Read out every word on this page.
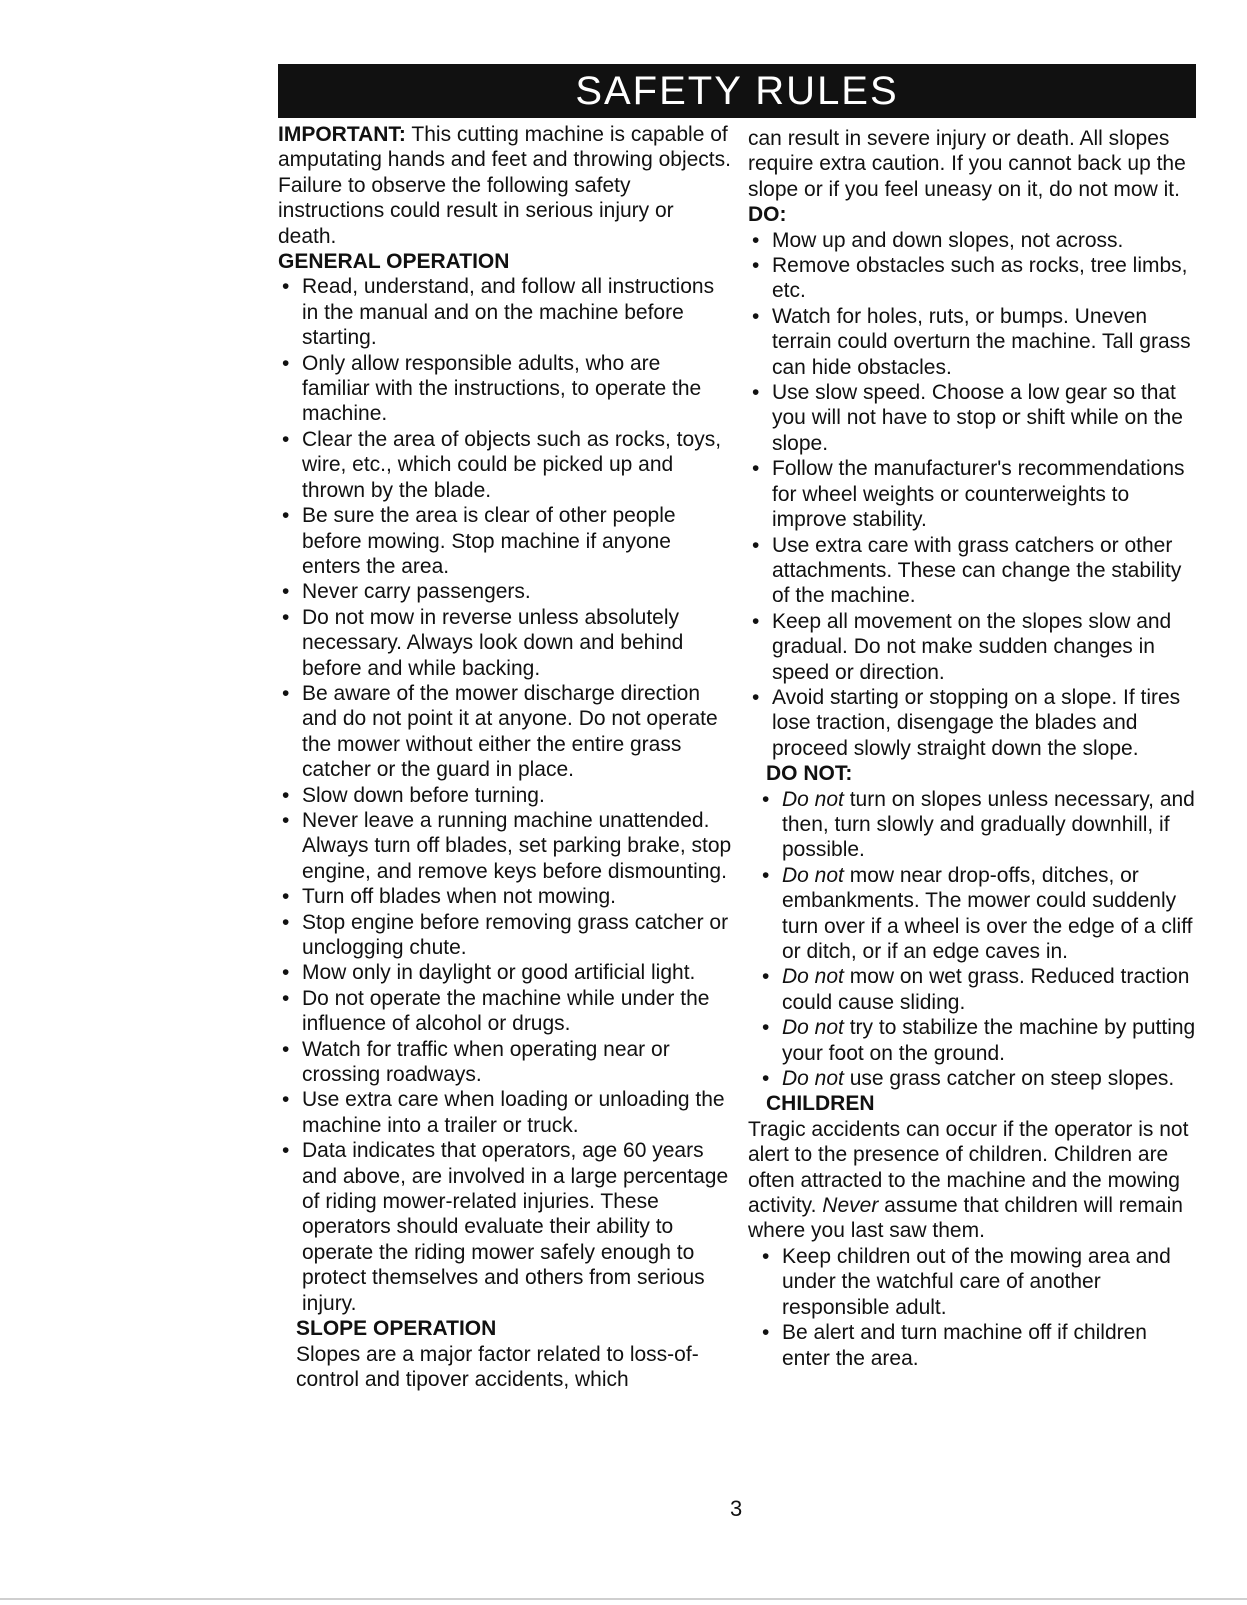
SAFETY RULES

IMPORTANT: This cutting machine is capable of amputating hands and feet and throwing objects. Failure to observe the following safety instructions could result in serious injury or death.

GENERAL OPERATION

• Read, understand, and follow all instructions in the manual and on the machine before starting.
• Only allow responsible adults, who are familiar with the instructions, to operate the machine.
• Clear the area of objects such as rocks, toys, wire, etc., which could be picked up and thrown by the blade.
• Be sure the area is clear of other people before mowing. Stop machine if anyone enters the area.
• Never carry passengers.
• Do not mow in reverse unless absolutely necessary. Always look down and behind before and while backing.
• Be aware of the mower discharge direction and do not point it at anyone. Do not operate the mower without either the entire grass catcher or the guard in place.
• Slow down before turning.
• Never leave a running machine unattended. Always turn off blades, set parking brake, stop engine, and remove keys before dismounting.
• Turn off blades when not mowing.
• Stop engine before removing grass catcher or unclogging chute.
• Mow only in daylight or good artificial light.
• Do not operate the machine while under the influence of alcohol or drugs.
• Watch for traffic when operating near or crossing roadways.
• Use extra care when loading or unloading the machine into a trailer or truck.
• Data indicates that operators, age 60 years and above, are involved in a large percentage of riding mower-related injuries. These operators should evaluate their ability to operate the riding mower safely enough to protect themselves and others from serious injury.

SLOPE OPERATION

Slopes are a major factor related to loss-of-control and tipover accidents, which

can result in severe injury or death. All slopes require extra caution. If you cannot back up the slope or if you feel uneasy on it, do not mow it.

DO:

• Mow up and down slopes, not across.
• Remove obstacles such as rocks, tree limbs, etc.
• Watch for holes, ruts, or bumps. Uneven terrain could overturn the machine. Tall grass can hide obstacles.
• Use slow speed. Choose a low gear so that you will not have to stop or shift while on the slope.
• Follow the manufacturer's recommendations for wheel weights or counterweights to improve stability.
• Use extra care with grass catchers or other attachments. These can change the stability of the machine.
• Keep all movement on the slopes slow and gradual. Do not make sudden changes in speed or direction.
• Avoid starting or stopping on a slope. If tires lose traction, disengage the blades and proceed slowly straight down the slope.

DO NOT:

• Do not turn on slopes unless necessary, and then, turn slowly and gradually downhill, if possible.
• Do not mow near drop-offs, ditches, or embankments. The mower could suddenly turn over if a wheel is over the edge of a cliff or ditch, or if an edge caves in.
• Do not mow on wet grass. Reduced traction could cause sliding.
• Do not try to stabilize the machine by putting your foot on the ground.
• Do not use grass catcher on steep slopes.

CHILDREN

Tragic accidents can occur if the operator is not alert to the presence of children. Children are often attracted to the machine and the mowing activity. Never assume that children will remain where you last saw them.

• Keep children out of the mowing area and under the watchful care of another responsible adult.
• Be alert and turn machine off if children enter the area.
3
